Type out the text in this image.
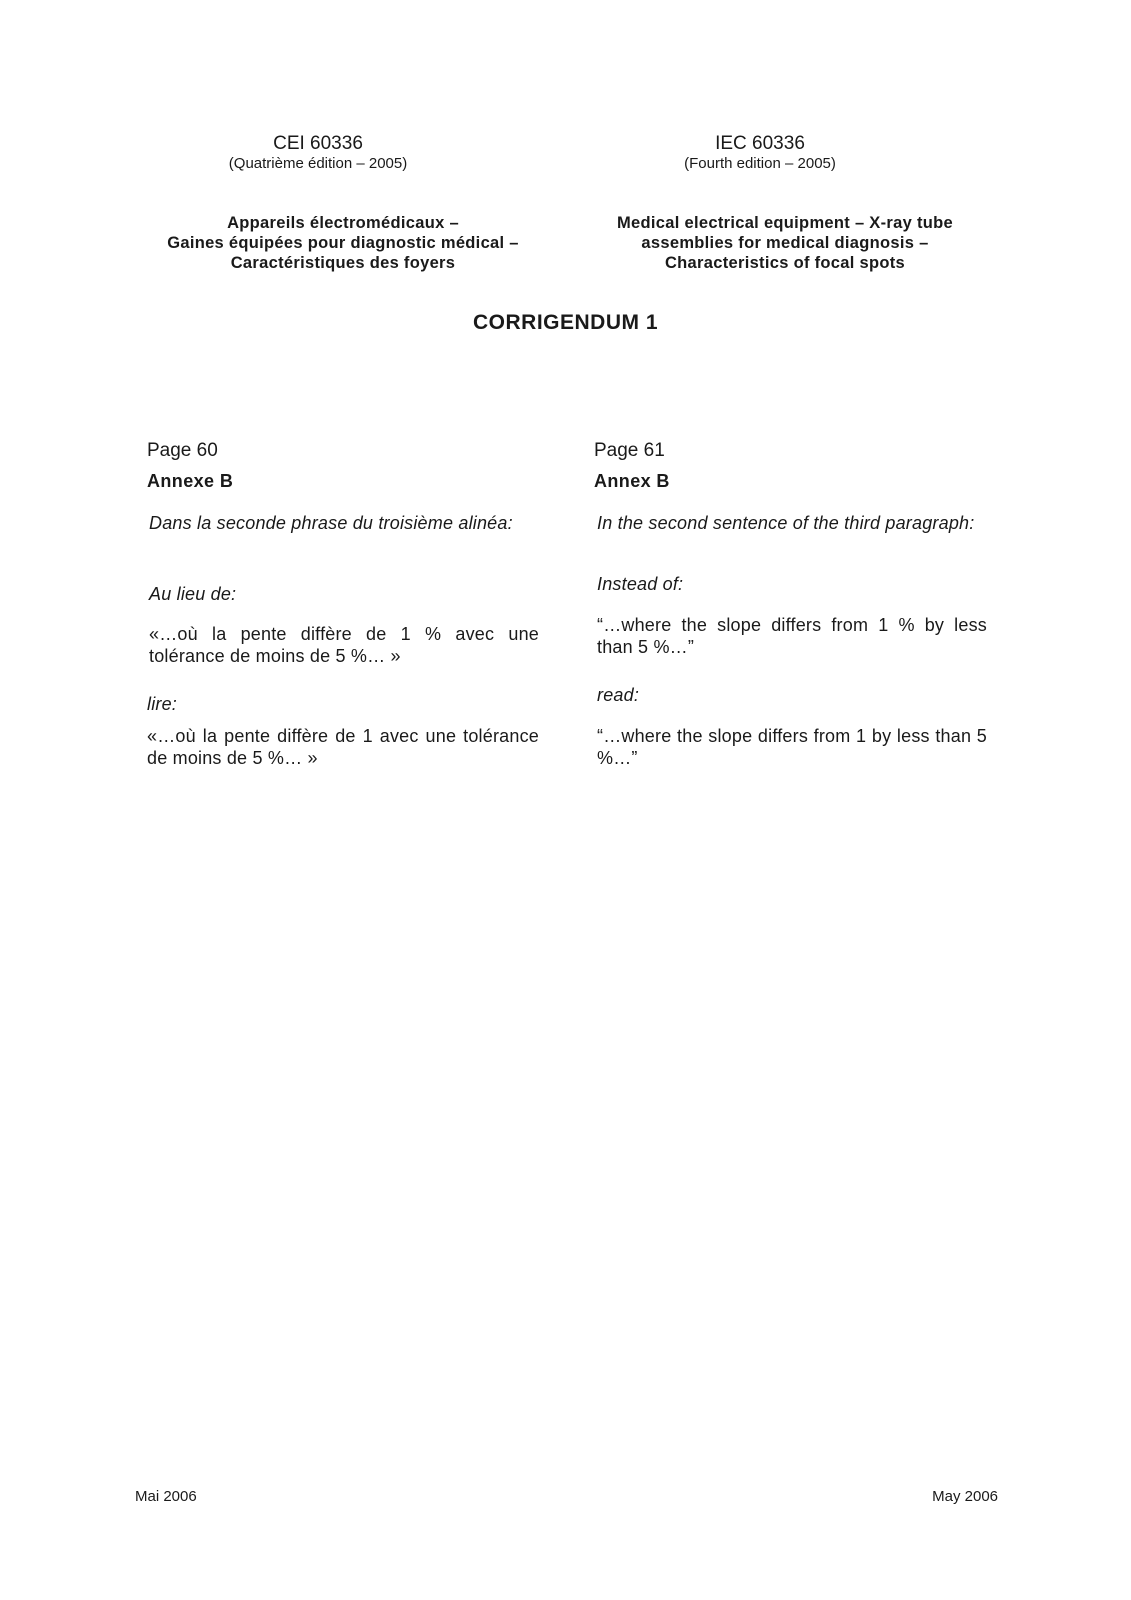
CEI 60336
(Quatrième édition – 2005)
Appareils électromédicaux –
Gaines équipées pour diagnostic médical –
Caractéristiques des foyers
IEC 60336
(Fourth edition – 2005)
Medical electrical equipment – X-ray tube
assemblies for medical diagnosis –
Characteristics of focal spots
CORRIGENDUM 1
Page 60
Annexe B
Dans la seconde phrase du troisième alinéa:
Au lieu de:
«…où la pente diffère de 1 % avec une tolérance de moins de 5 %… »
lire:
«…où la pente diffère de 1 avec une tolérance de moins de 5 %… »
Page 61
Annex B
In the second sentence of the third paragraph:
Instead of:
“…where the slope differs from 1 % by less than 5 %…”
read:
“…where the slope differs from 1 by less than 5 %…”
Mai 2006	May 2006
